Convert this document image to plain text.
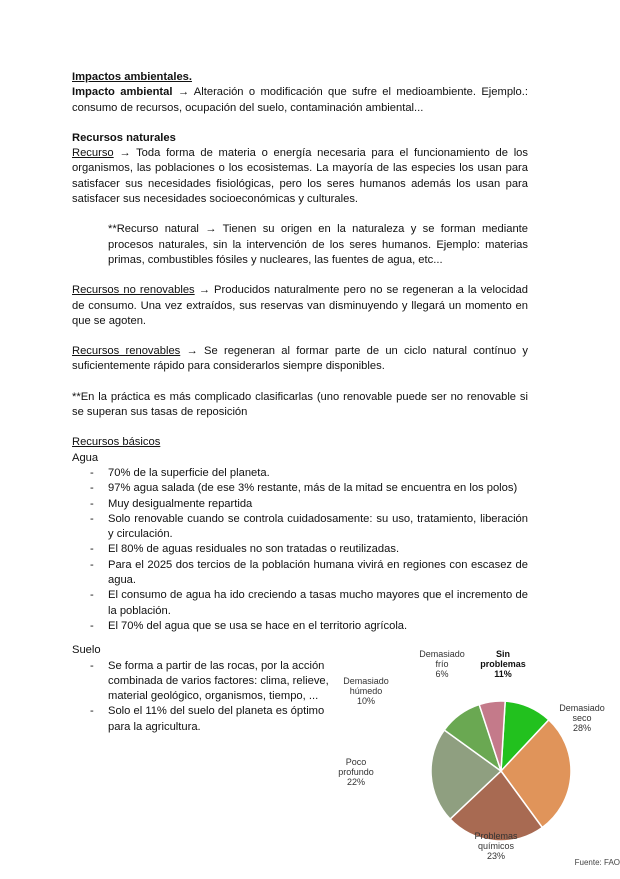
Impactos ambientales.

Impacto ambiental → Alteración o modificación que sufre el medioambiente. Ejemplo.: consumo de recursos, ocupación del suelo, contaminación ambiental...

Recursos naturales

Recurso → Toda forma de materia o energía necesaria para el funcionamiento de los organismos, las poblaciones o los ecosistemas. La mayoría de las especies los usan para satisfacer sus necesidades fisiológicas, pero los seres humanos además los usan para satisfacer sus necesidades socioeconómicas y culturales.

**Recurso natural → Tienen su origen en la naturaleza y se forman mediante procesos naturales, sin la intervención de los seres humanos. Ejemplo: materias primas, combustibles fósiles y nucleares, las fuentes de agua, etc...

Recursos no renovables → Producidos naturalmente pero no se regeneran a la velocidad de consumo. Una vez extraídos, sus reservas van disminuyendo y llegará un momento en que se agoten.

Recursos renovables → Se regeneran al formar parte de un ciclo natural contínuo y suficientemente rápido para considerarlos siempre disponibles.

**En la práctica es más complicado clasificarlas (uno renovable puede ser no renovable si se superan sus tasas de reposición

Recursos básicos

Agua

- 70% de la superficie del planeta.
- 97% agua salada (de ese 3% restante, más de la mitad se encuentra en los polos)
- Muy desigualmente repartida
- Solo renovable cuando se controla cuidadosamente: su uso, tratamiento, liberación y circulación.
- El 80% de aguas residuales no son tratadas o reutilizadas.
- Para el 2025 dos tercios de la población humana vivirá en regiones con escasez de agua.
- El consumo de agua ha ido creciendo a tasas mucho mayores que el incremento de la población.
- El 70% del agua que se usa se hace en el territorio agrícola.

Suelo

- Se forma a partir de las rocas, por la acción combinada de varios factores: clima, relieve, material geológico, organismos, tiempo, ...
- Solo el 11% del suelo del planeta es óptimo para la agricultura.
Sin problemas 11%
Demasiado seco 28%
Problemas químicos 23%
Poco profundo 22%
Demasiado húmedo 10%
Demasiado frío 6%
Fuente: FAO
